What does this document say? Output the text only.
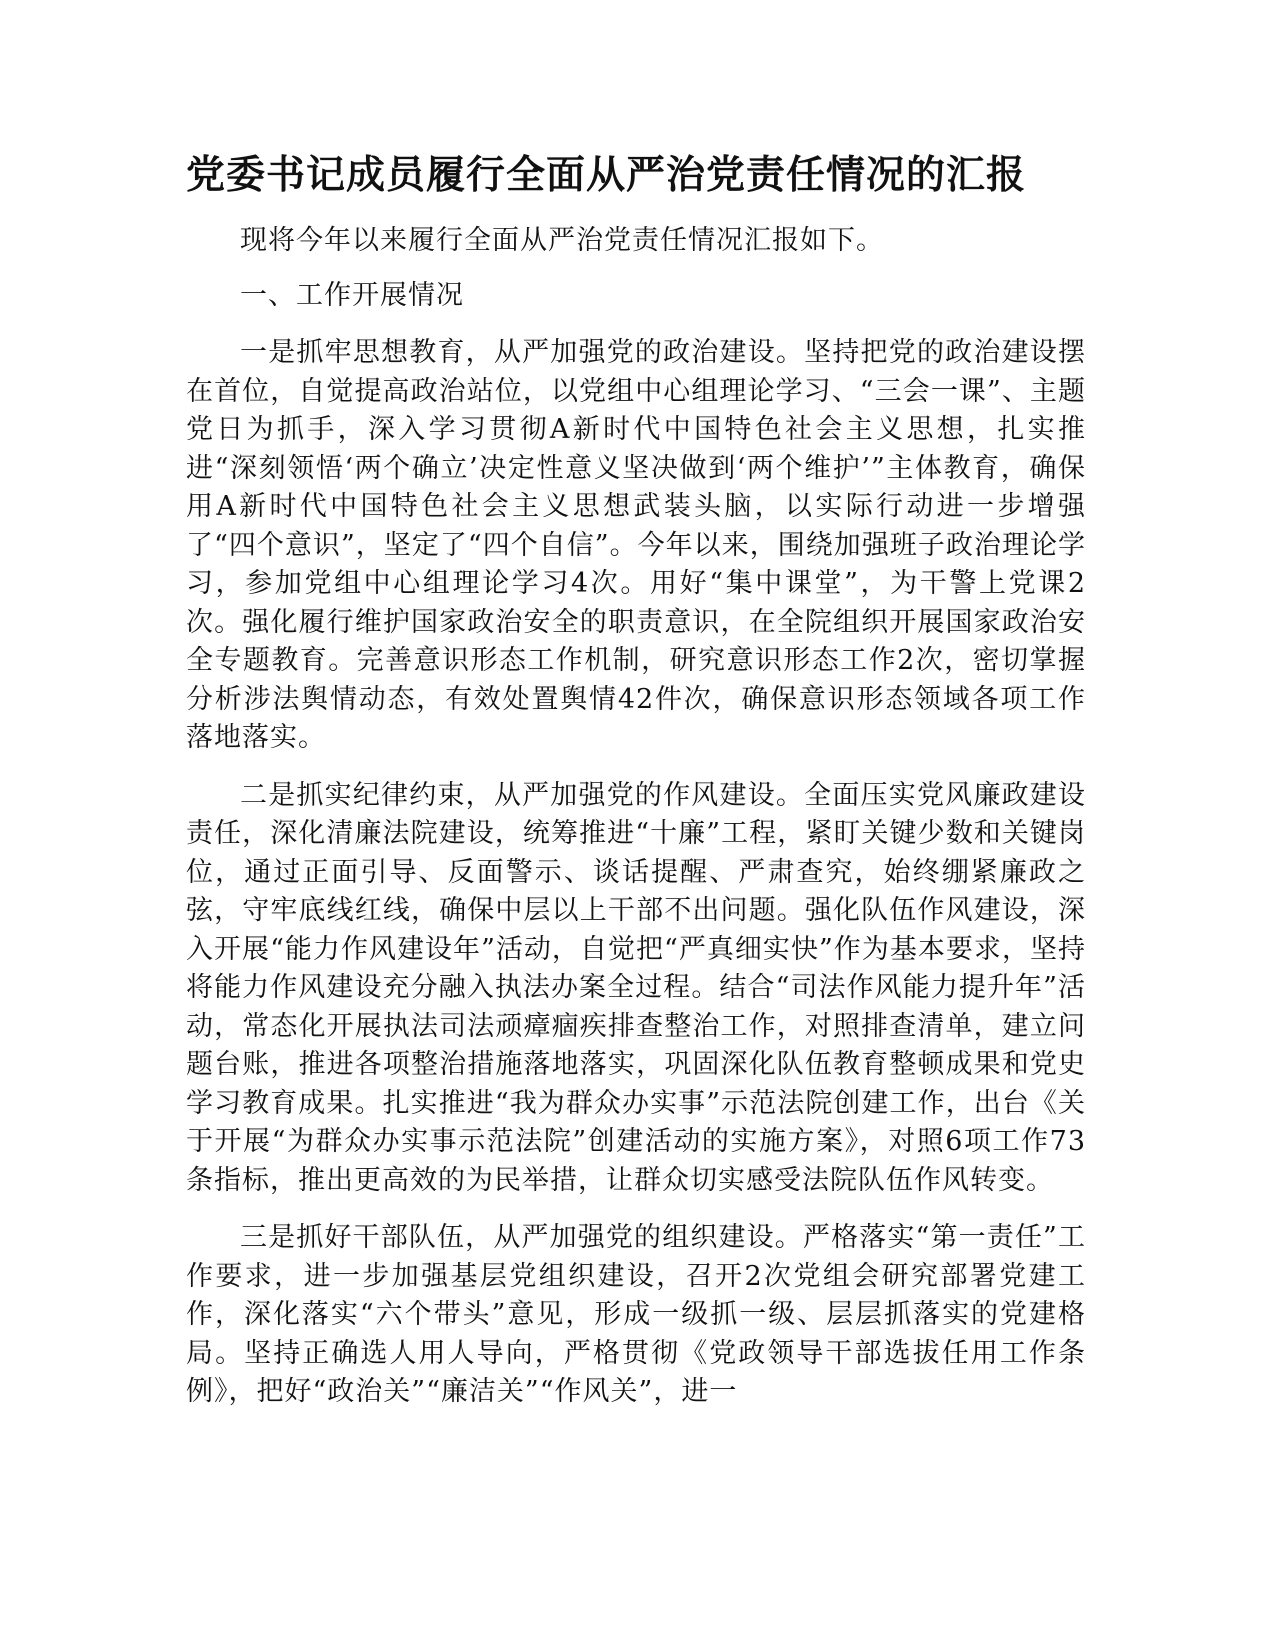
党委书记成员履行全面从严治党责任情况的汇报

现将今年以来履行全面从严治党责任情况汇报如下。

一、工作开展情况

一是抓牢思想教育，从严加强党的政治建设。坚持把党的政治建设摆在首位，自觉提高政治站位，以党组中心组理论学习、“三会一课”、主题党日为抓手，深入学习贯彻A新时代中国特色社会主义思想，扎实推进“深刻领悟‘两个确立’决定性意义坚决做到‘两个维护’”主体教育，确保用A新时代中国特色社会主义思想武装头脑，以实际行动进一步增强了“四个意识”，坚定了“四个自信”。今年以来，围绕加强班子政治理论学习，参加党组中心组理论学习4次。用好“集中课堂”，为干警上党课2次。强化履行维护国家政治安全的职责意识，在全院组织开展国家政治安全专题教育。完善意识形态工作机制，研究意识形态工作2次，密切掌握分析涉法舆情动态，有效处置舆情42件次，确保意识形态领域各项工作落地落实。

二是抓实纪律约束，从严加强党的作风建设。全面压实党风廉政建设责任，深化清廉法院建设，统筹推进“十廉”工程，紧盯关键少数和关键岗位，通过正面引导、反面警示、谈话提醒、严肃查究，始终绷紧廉政之弦，守牢底线红线，确保中层以上干部不出问题。强化队伍作风建设，深入开展“能力作风建设年”活动，自觉把“严真细实快”作为基本要求，坚持将能力作风建设充分融入执法办案全过程。结合“司法作风能力提升年”活动，常态化开展执法司法顽瘴痼疾排查整治工作，对照排查清单，建立问题台账，推进各项整治措施落地落实，巩固深化队伍教育整顿成果和党史学习教育成果。扎实推进“我为群众办实事”示范法院创建工作，出台《关于开展“为群众办实事示范法院”创建活动的实施方案》，对照6项工作73条指标，推出更高效的为民举措，让群众切实感受法院队伍作风转变。

三是抓好干部队伍，从严加强党的组织建设。严格落实“第一责任”工作要求，进一步加强基层党组织建设，召开2次党组会研究部署党建工作，深化落实“六个带头”意见，形成一级抓一级、层层抓落实的党建格局。坚持正确选人用人导向，严格贯彻《党政领导干部选拔任用工作条例》，把好“政治关”“廉洁关”“作风关”，进一
